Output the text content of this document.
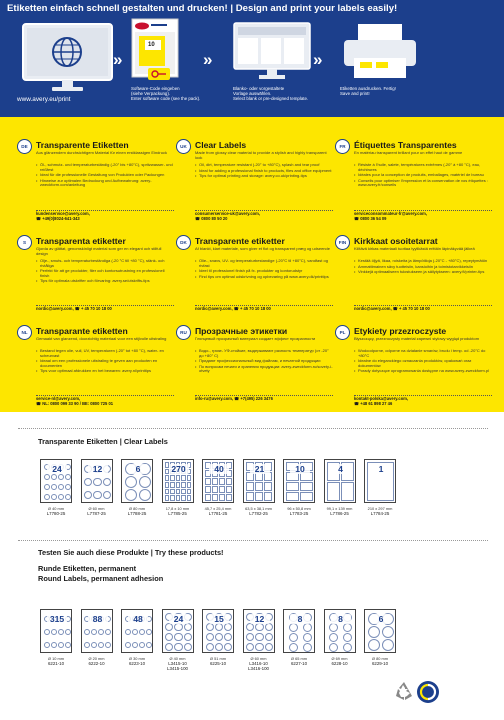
Etiketten einfach schnell gestalten und drucken! | Design and print your labels easily!
»
10
Software-Code eingeben
(siehe Verpackung).
Enter software code (see the pack).
»
Blanko- oder vorgestaltete
Vorlage auswählen.
Select blank or pre-designed template.
»
Etiketten ausdrucken. Fertig!
Save and print!
www.avery.eu/print
DE Transparente Etiketten
Aus glänzendem durchsichtigem Material für einen erstklassigen Eindruck
• Öl-, schmutz- und temperaturbeständig (-20° bis +80°C), spritzwasser- und reißfest
• Ideal für die professionelle Gestaltung von Produkten oder Packungen
• Hinweise zur optimalen Bedruckung und Aufbewahrung: avery-zweckform.com/anleitung
kundenservice@avery.com,
☎ +49(0)8024-641-343
UK Clear Labels
Made from glossy clear material to provide a stylish and highly transparent look
• Oil, dirt, temperature resistant (-20° to +80°C), splash and tear proof
• Ideal for adding a professional finish to products, files and office equipment
• Tips for optimal printing and storage: avery.co.uk/printing-tips
consumerservice-uk@avery.com,
☎ 0800 80 50 20
FR Étiquettes Transparentes
En matériau transparent brillant pour un effet haut de gamme
• Résiste à l'huile, salete, températures extrêmes (-20° à +80 °C), eau, déchirures
• Idéales pour la conception de produits, emballages, matériel de bureau
• Conseils pour optimiser l'impression et la conservation de vos étiquettes : www.avery.fr/conseils
serviceconsommateur-fr@avery.com,
☎ 0800 36 54 09
S	Transparenta etiketter
Gjorda av glättat, genomskinligt material som ger en elegant och stilfull design
• Olje-, smuts- och temperaturbeständiga (-20 °C till +80 °C), stänk- och rivtåliga
• Perfekt för att ge produkter, filer och kontorsutrustning en professionell finish
• Tips för optimala utskrifter och förvaring: avery.se/utskrifts-tips
nordic@avery.com, ☎ + 45 70 10 18 00
DK Transparente etiketter
Af blankt, klart materiale, som giver et flot og transparent præg og udseende
• Olie-, snavs, UV- og temperaturbestandige (-20°C til +80°C), vandfast og rivfast
• Ideel til professionel finish på fx. produkter og kontorudstyr
• Find tips om optimal udskrivning og opbevaring på www.avery.dk/printtips
nordic@avery.com, ☎ + 45 70 10 18 00
FIN Kirkkaat osoitetarrat
Kiiltävä kirkas materiaali tuottaa tyylikästä erittäin läpinäkyvää jälkeä
• Kestää öljyä, likaa, roiskeita ja lämpötiloja (-20°C - +80°C), repeytymätön
• Ammattimainen sävy tuotteisiin, kansioihin ja toimistotarvikkeisiin
• Vinkkejä optimaaliseen tulostukseen ja säilytykseen: avery.fi/printer-tips
nordic@avery.com, ☎ + 45 70 10 18 00
NL Transparante etiketten
Gemaakt van glanzend, doorzichtig materiaal voor een stijlvolle uitstraling
• Bestand tegen olie, vuil, UV, temperaturen (-20° tot +80 °C), water- en scheurvast
• Ideaal om een professionele uitstraling te geven aan producten en documenten
• Tips voor optimaal afdrukken en het bewaren: avery.nl/printtips
service-nl@avery.com,
☎ NL: 0800 099 33 90 / BE: 0800 725 01
RU Прозрачные этикетки
Глянцевый прозрачный материал создает эффект прозрачности
• Водо-, грязе- УФ-стойкие, выдерживают разность температур (от -20° до +80° C)
• Придают профессиональный вид файлам, и печатной продукции
• По вопросам печати и хранения продукции: avery-zweckform.ru/sovety-i-otvety
info-ru@avery.com, ☎ +7(495) 226 3476
PL Etykiety przezroczyste
Błyszczący, przezroczysty materiał zapewni stylowy wygląd produktom
• Wodoodporne, odporne na działanie smarów, brudu i temp. od -20°C do +80°C
• Idealne do eleganckiego oznaczania produktów, opakowań oraz dokumentów
• Porady dotyczące oprogramowania dostępne na www.avery-zweckform.pl
kontakt-polska@avery.com,
☎ +48 61 898 27 46
Transparente Etiketten | Clear Labels
24
Ø 40 mm
L7780-25
12
Ø 60 mm
L7787-25
6
Ø 80 mm
L7788-25
270
17,8 x 10 mm
L7785-25
40
45,7 x 25,4 mm
L7781-25
21
63,5 x 38,1 mm
L7782-25
10
96 x 50,8 mm
L7783-25
4
99,1 x 139 mm
L7786-25
1
210 x 297 mm
L7784-25
Testen Sie auch diese Produkte | Try these products!
Runde Etiketten, permanent
Round Labels, permanent adhesion
315
Ø 10 mm
6221-10
88
Ø 20 mm
6222-10
48
Ø 30 mm
6223-10
24
Ø 40 mm
L3415-10
L3415-100
15
Ø 51 mm
6225-10
12
Ø 60 mm
L3416-10
L3416-100
8
Ø 65 mm
6227-10
8
Ø 69 mm
6228-10
6
Ø 80 mm
6229-10
